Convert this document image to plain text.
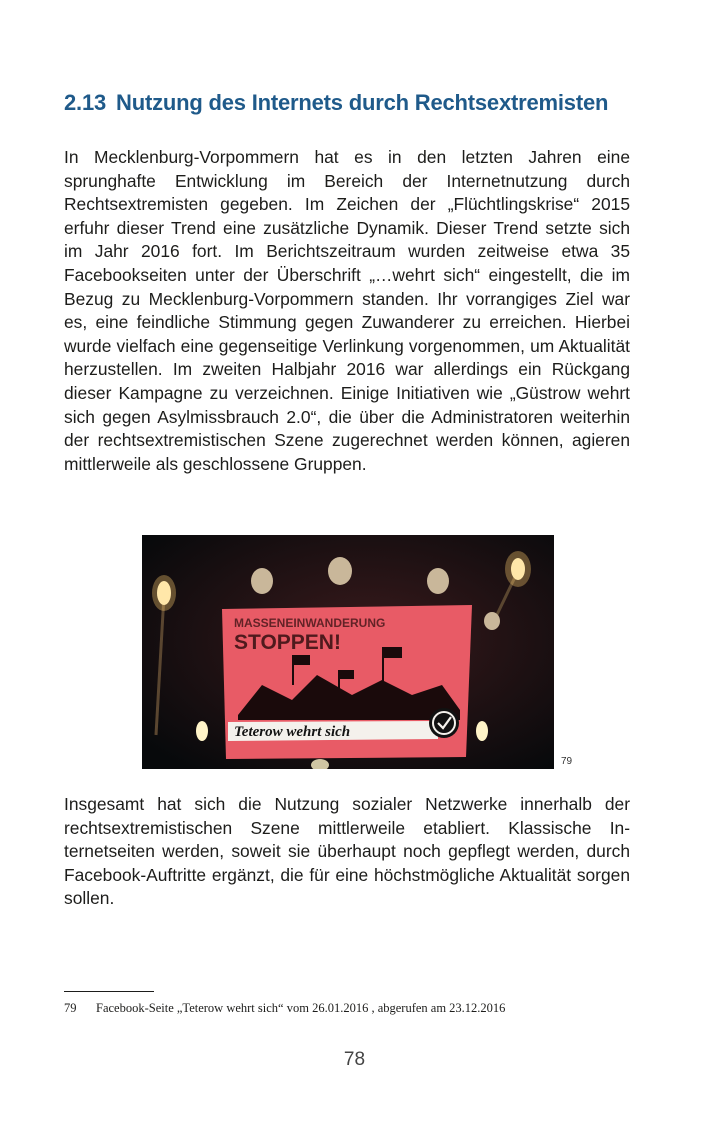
2.13 Nutzung des Internets durch Rechtsextremisten

In Mecklenburg-Vorpommern hat es in den letzten Jahren eine sprunghafte Entwicklung im Bereich der Internetnutzung durch Rechtsextremisten gegeben. Im Zeichen der „Flüchtlingskrise“ 2015 erfuhr dieser Trend eine zusätzliche Dynamik. Dieser Trend setzte sich im Jahr 2016 fort. Im Berichtszeitraum wurden zeitweise etwa 35 Facebookseiten unter der Überschrift „…wehrt sich“ eingestellt, die im Bezug zu Mecklenburg-Vorpommern standen. Ihr vorrangiges Ziel war es, eine feindliche Stimmung gegen Zuwanderer zu erreichen. Hierbei wurde vielfach eine gegenseitige Verlinkung vorgenommen, um Aktualität herzustellen. Im zweiten Halbjahr 2016 war allerdings ein Rückgang dieser Kampagne zu verzeichnen. Einige Initiativen wie „Güstrow wehrt sich gegen Asylmissbrauch 2.0“, die über die Administratoren weiterhin der rechtsextremistischen Szene zugerechnet werden können, agieren mittlerweile als geschlossene Gruppen.

MASSENEINWANDERUNG
STOPPEN!
Teterow wehrt sich
79

Insgesamt hat sich die Nutzung sozialer Netzwerke innerhalb der rechtsextremistischen Szene mittlerweile etabliert. Klassische Internetseiten werden, soweit sie überhaupt noch gepflegt werden, durch Facebook-Auftritte ergänzt, die für eine höchstmögliche Aktualität sorgen sollen.

79 Facebook-Seite „Teterow wehrt sich“ vom 26.01.2016 , abgerufen am 23.12.2016
78
